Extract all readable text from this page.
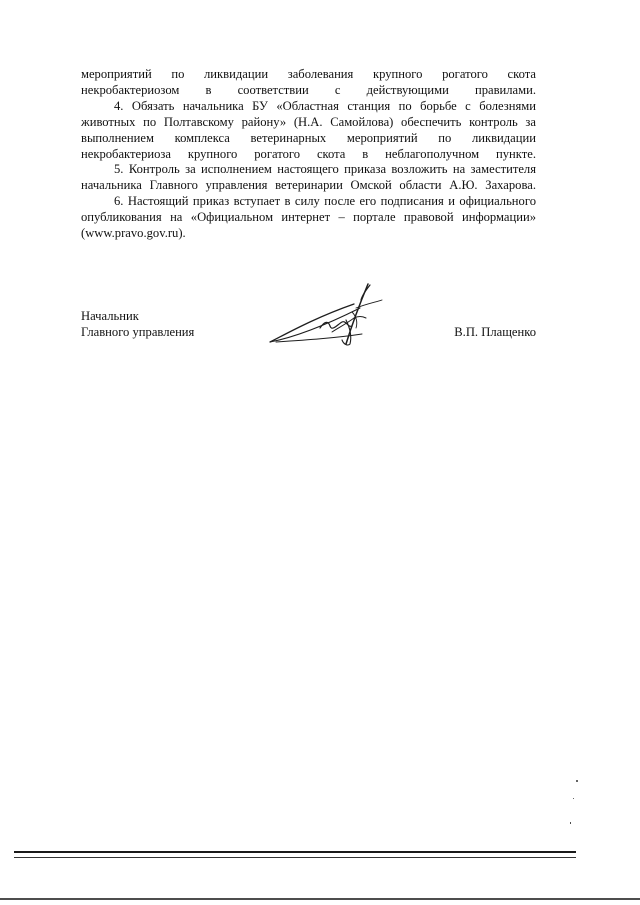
мероприятий по ликвидации заболевания крупного рогатого скота некробактериозом в соответствии с действующими правилами.

4. Обязать начальника БУ «Областная станция по борьбе с болезнями животных по Полтавскому району» (Н.А. Самойлова) обеспечить контроль за выполнением комплекса ветеринарных мероприятий по ликвидации некробактериоза крупного рогатого скота в неблагополучном пункте.

5. Контроль за исполнением настоящего приказа возложить на заместителя начальника Главного управления ветеринарии Омской области А.Ю. Захарова.

6. Настоящий приказ вступает в силу после его подписания и официального опубликования на «Официальном интернет – портале правовой информации» (www.pravo.gov.ru).

Начальник
Главного управления	В.П. Плащенко
